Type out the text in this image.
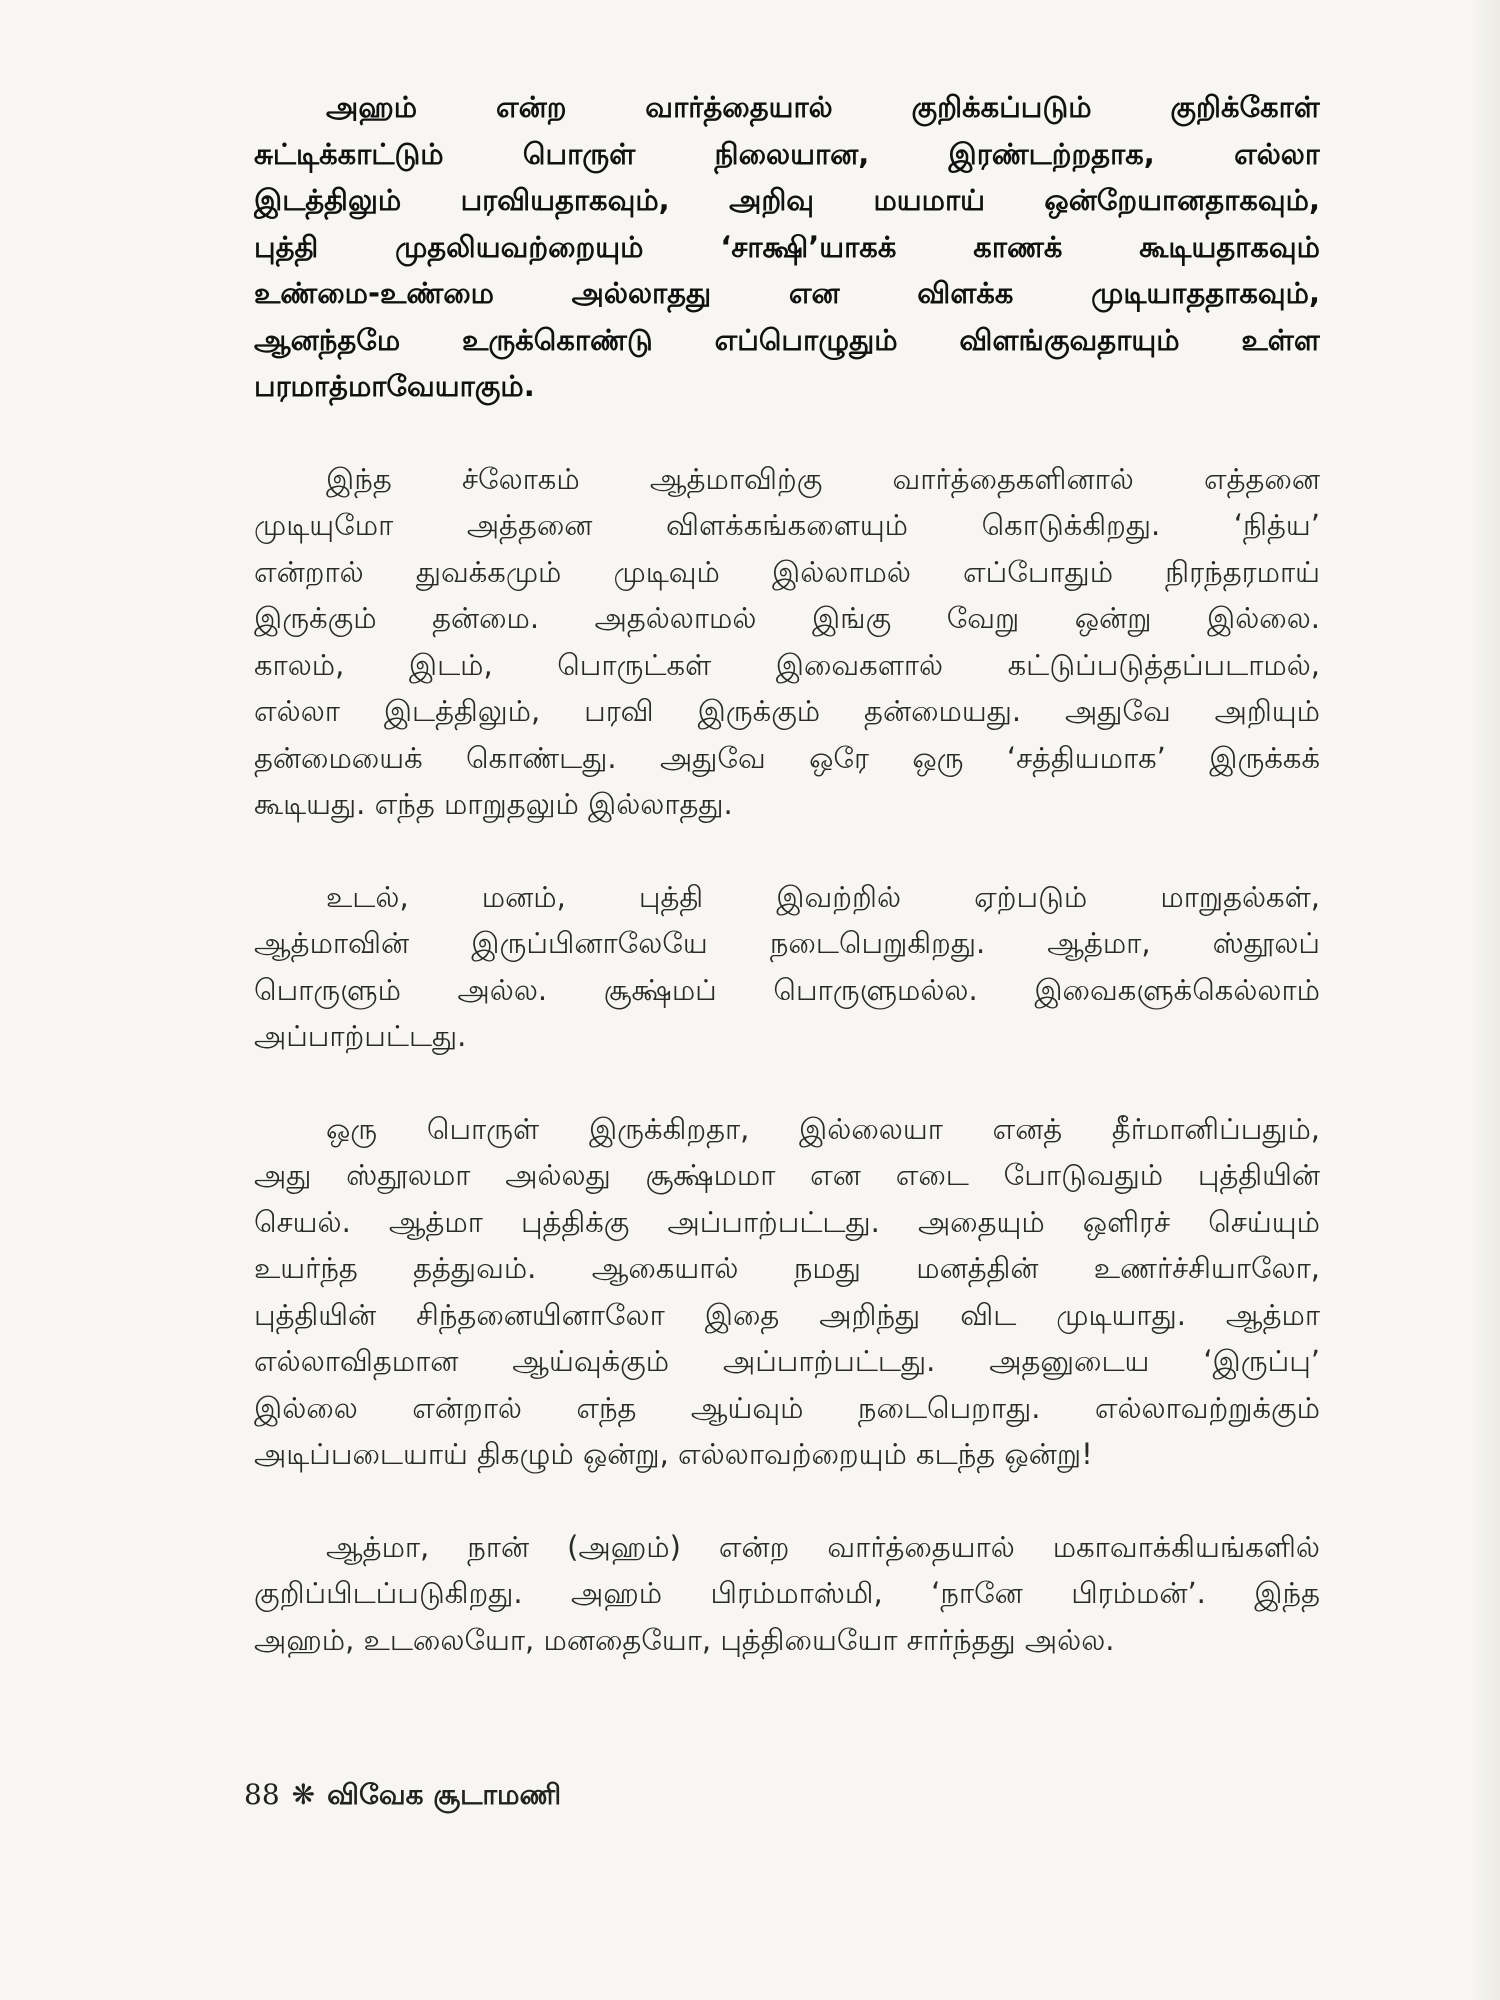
அஹம் என்ற வார்த்தையால் குறிக்கப்படும் குறிக்கோள்
சுட்டிக்காட்டும் பொருள் நிலையான, இரண்டற்றதாக, எல்லா
இடத்திலும் பரவியதாகவும், அறிவு மயமாய் ஒன்றேயானதாகவும்,
புத்தி முதலியவற்றையும் ‘சாக்ஷி’யாகக் காணக் கூடியதாகவும்
உண்மை-உண்மை அல்லாதது என விளக்க முடியாததாகவும்,
ஆனந்தமே உருக்கொண்டு எப்பொழுதும் விளங்குவதாயும் உள்ள
பரமாத்மாவேயாகும்.
இந்த ச்லோகம் ஆத்மாவிற்கு வார்த்தைகளினால் எத்தனை
முடியுமோ அத்தனை விளக்கங்களையும் கொடுக்கிறது. ‘நித்ய’
என்றால் துவக்கமும் முடிவும் இல்லாமல் எப்போதும் நிரந்தரமாய்
இருக்கும் தன்மை. அதல்லாமல் இங்கு வேறு ஒன்று இல்லை.
காலம், இடம், பொருட்கள் இவைகளால் கட்டுப்படுத்தப்படாமல்,
எல்லா இடத்திலும், பரவி இருக்கும் தன்மையது. அதுவே அறியும்
தன்மையைக் கொண்டது. அதுவே ஒரே ஒரு ‘சத்தியமாக’ இருக்கக்
கூடியது. எந்த மாறுதலும் இல்லாதது.
உடல், மனம், புத்தி இவற்றில் ஏற்படும் மாறுதல்கள்,
ஆத்மாவின் இருப்பினாலேயே நடைபெறுகிறது. ஆத்மா, ஸ்தூலப்
பொருளும் அல்ல. சூக்ஷ்மப் பொருளுமல்ல. இவைகளுக்கெல்லாம்
அப்பாற்பட்டது.
ஒரு பொருள் இருக்கிறதா, இல்லையா எனத் தீர்மானிப்பதும்,
அது ஸ்தூலமா அல்லது சூக்ஷ்மமா என எடை போடுவதும் புத்தியின்
செயல். ஆத்மா புத்திக்கு அப்பாற்பட்டது. அதையும் ஒளிரச் செய்யும்
உயர்ந்த தத்துவம். ஆகையால் நமது மனத்தின் உணர்ச்சியாலோ,
புத்தியின் சிந்தனையினாலோ இதை அறிந்து விட முடியாது. ஆத்மா
எல்லாவிதமான ஆய்வுக்கும் அப்பாற்பட்டது. அதனுடைய ‘இருப்பு’
இல்லை என்றால் எந்த ஆய்வும் நடைபெறாது. எல்லாவற்றுக்கும்
அடிப்படையாய் திகழும் ஒன்று, எல்லாவற்றையும் கடந்த ஒன்று!
ஆத்மா, நான் (அஹம்) என்ற வார்த்தையால் மகாவாக்கியங்களில்
குறிப்பிடப்படுகிறது. அஹம் பிரம்மாஸ்மி, ‘நானே பிரம்மன்’. இந்த
அஹம், உடலையோ, மனதையோ, புத்தியையோ சார்ந்தது அல்ல.
88 ❋ விவேக சூடாமணி
